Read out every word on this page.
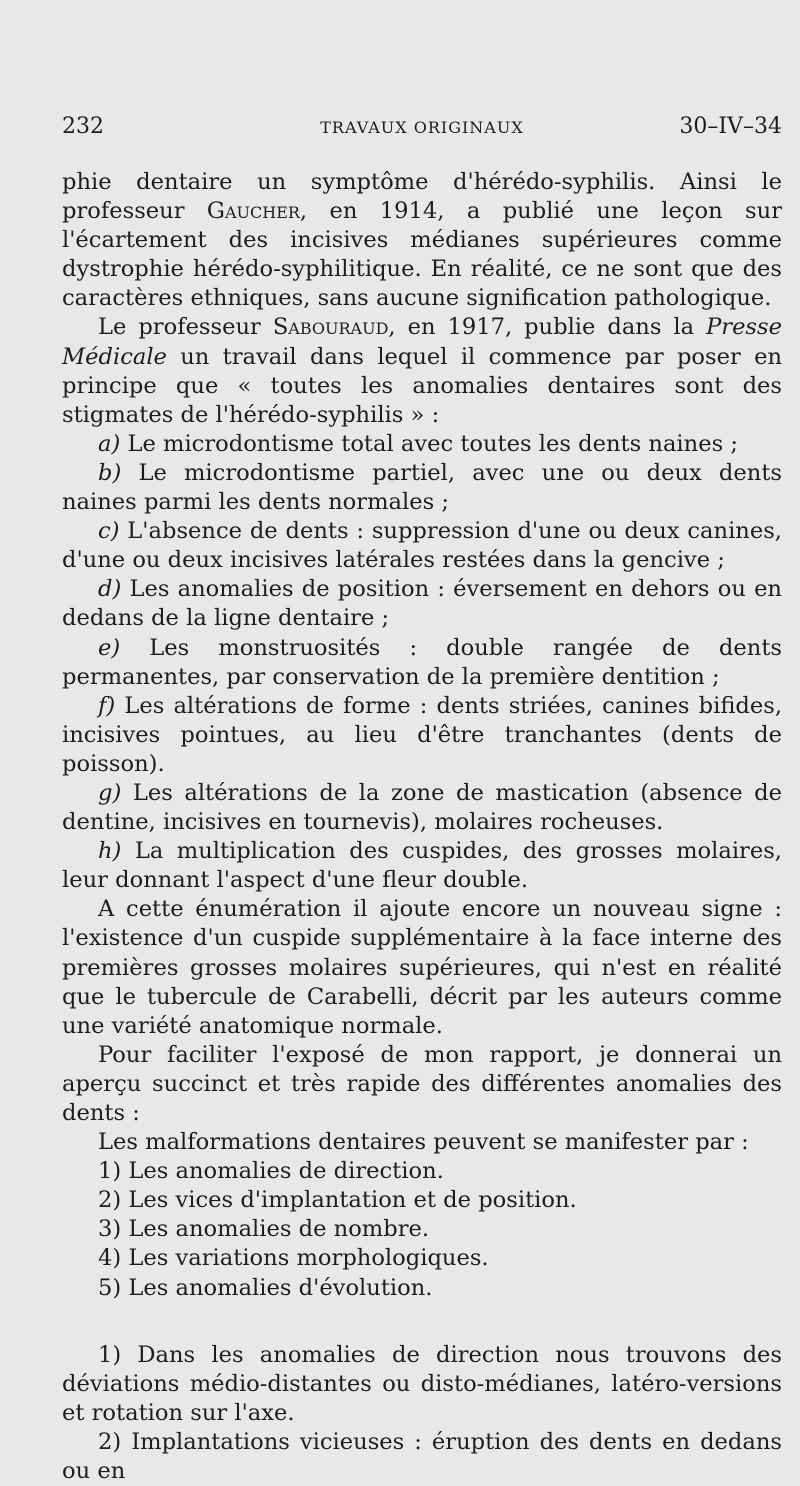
232	TRAVAUX ORIGINAUX	30–IV–34

phie dentaire un symptôme d'hérédo-syphilis. Ainsi le professeur Gaucher, en 1914, a publié une leçon sur l'écartement des incisives médianes supérieures comme dystrophie hérédo-syphilitique. En réalité, ce ne sont que des caractères ethniques, sans aucune signification pathologique.

Le professeur Sabouraud, en 1917, publie dans la Presse Médicale un travail dans lequel il commence par poser en principe que « toutes les anomalies dentaires sont des stigmates de l'hérédo-syphilis » :

a) Le microdontisme total avec toutes les dents naines ;

b) Le microdontisme partiel, avec une ou deux dents naines parmi les dents normales ;

c) L'absence de dents : suppression d'une ou deux canines, d'une ou deux incisives latérales restées dans la gencive ;

d) Les anomalies de position : éversement en dehors ou en dedans de la ligne dentaire ;

e) Les monstruosités : double rangée de dents permanentes, par conservation de la première dentition ;

f) Les altérations de forme : dents striées, canines bifides, incisives pointues, au lieu d'être tranchantes (dents de poisson).

g) Les altérations de la zone de mastication (absence de dentine, incisives en tournevis), molaires rocheuses.

h) La multiplication des cuspides, des grosses molaires, leur donnant l'aspect d'une fleur double.

A cette énumération il ajoute encore un nouveau signe : l'existence d'un cuspide supplémentaire à la face interne des premières grosses molaires supérieures, qui n'est en réalité que le tubercule de Carabelli, décrit par les auteurs comme une variété anatomique normale.

Pour faciliter l'exposé de mon rapport, je donnerai un aperçu succinct et très rapide des différentes anomalies des dents :

Les malformations dentaires peuvent se manifester par :

1) Les anomalies de direction.

2) Les vices d'implantation et de position.

3) Les anomalies de nombre.

4) Les variations morphologiques.

5) Les anomalies d'évolution.

1) Dans les anomalies de direction nous trouvons des déviations médio-distantes ou disto-médianes, latéro-versions et rotation sur l'axe.

2) Implantations vicieuses : éruption des dents en dedans ou en
